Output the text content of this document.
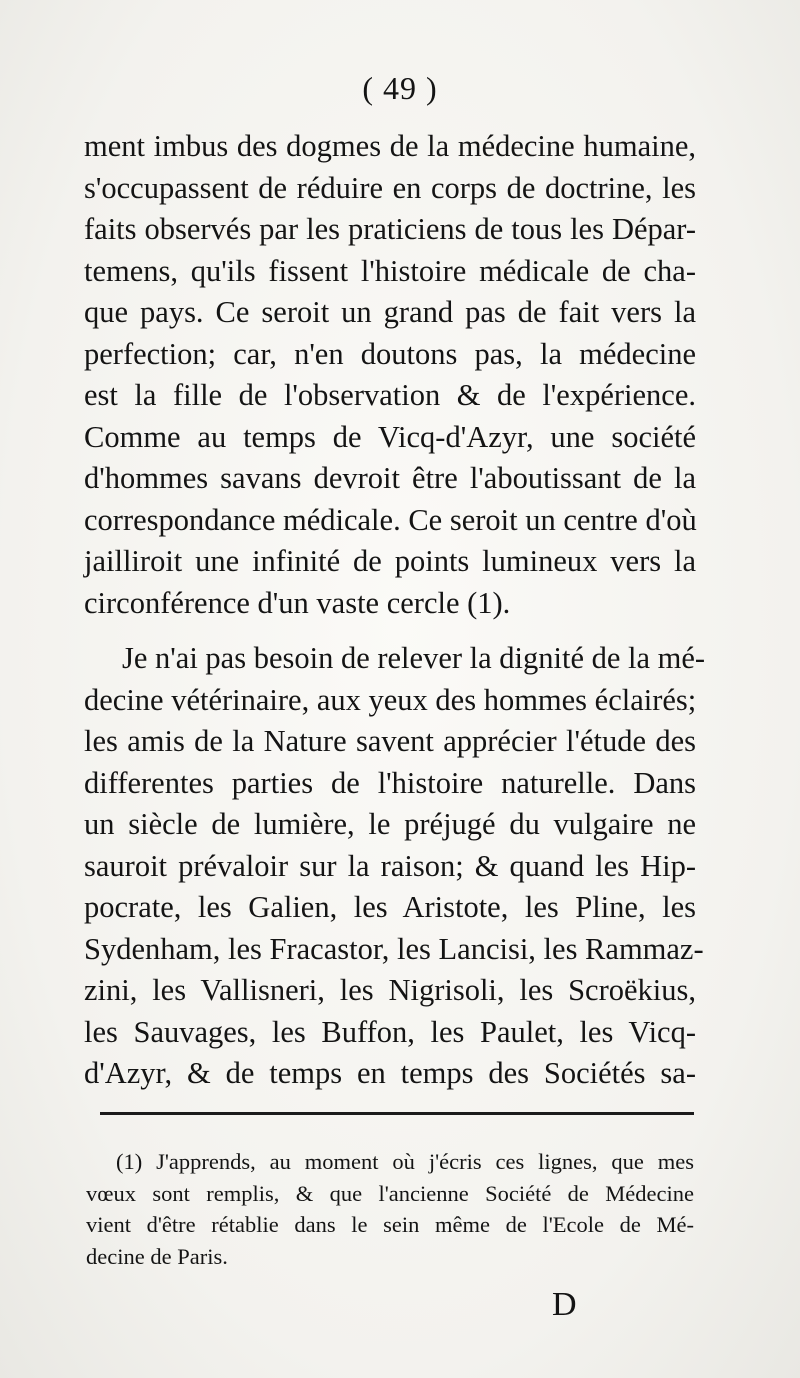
( 49 )
ment imbus des dogmes de la médecine humaine,
s'occupassent de réduire en corps de doctrine, les
faits observés par les praticiens de tous les Dépar-
temens, qu'ils fissent l'histoire médicale de cha-
que pays. Ce seroit un grand pas de fait vers la
perfection; car, n'en doutons pas, la médecine
est la fille de l'observation & de l'expérience.
Comme au temps de Vicq-d'Azyr, une société
d'hommes savans devroit être l'aboutissant de la
correspondance médicale. Ce seroit un centre d'où
jailliroit une infinité de points lumineux vers la
circonférence d'un vaste cercle (1).
Je n'ai pas besoin de relever la dignité de la mé-
decine vétérinaire, aux yeux des hommes éclairés;
les amis de la Nature savent apprécier l'étude des
differentes parties de l'histoire naturelle. Dans
un siècle de lumière, le préjugé du vulgaire ne
sauroit prévaloir sur la raison; & quand les Hip-
pocrate, les Galien, les Aristote, les Pline, les
Sydenham, les Fracastor, les Lancisi, les Rammaz-
zini, les Vallisneri, les Nigrisoli, les Scroëkius,
les Sauvages, les Buffon, les Paulet, les Vicq-
d'Azyr, & de temps en temps des Sociétés sa-
(1) J'apprends, au moment où j'écris ces lignes, que mes
vœux sont remplis, & que l'ancienne Société de Médecine
vient d'être rétablie dans le sein même de l'Ecole de Mé-
decine de Paris.
D
